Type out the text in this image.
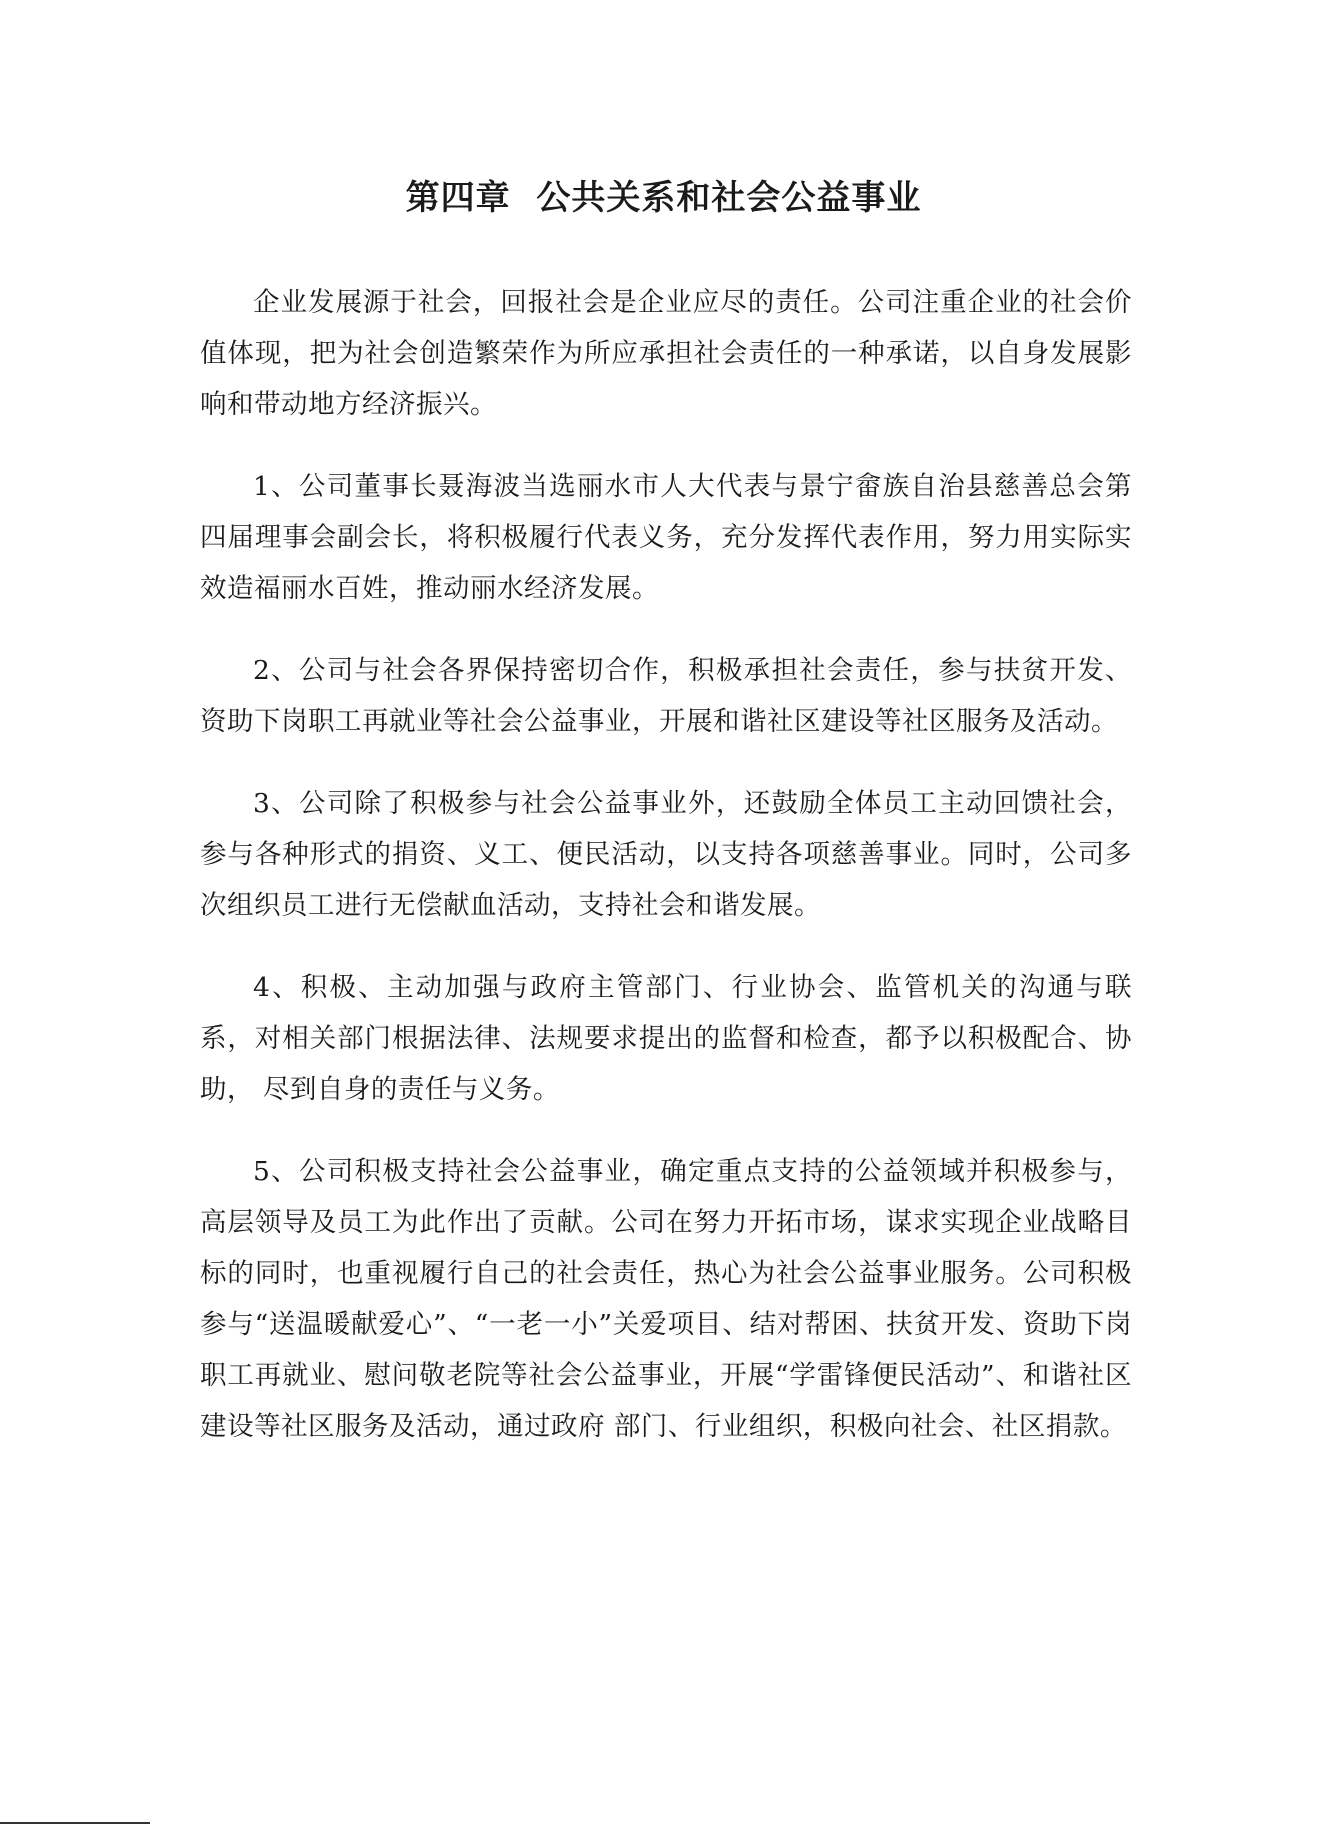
第四章  公共关系和社会公益事业

企业发展源于社会，回报社会是企业应尽的责任。公司注重企业的社会价值体现，把为社会创造繁荣作为所应承担社会责任的一种承诺，以自身发展影响和带动地方经济振兴。

1、公司董事长聂海波当选丽水市人大代表与景宁畲族自治县慈善总会第四届理事会副会长，将积极履行代表义务，充分发挥代表作用，努力用实际实效造福丽水百姓，推动丽水经济发展。

2、公司与社会各界保持密切合作，积极承担社会责任，参与扶贫开发、资助下岗职工再就业等社会公益事业，开展和谐社区建设等社区服务及活动。

3、公司除了积极参与社会公益事业外，还鼓励全体员工主动回馈社会，参与各种形式的捐资、义工、便民活动，以支持各项慈善事业。同时，公司多次组织员工进行无偿献血活动，支持社会和谐发展。

4、积极、主动加强与政府主管部门、行业协会、监管机关的沟通与联系，对相关部门根据法律、法规要求提出的监督和检查，都予以积极配合、协助， 尽到自身的责任与义务。

5、公司积极支持社会公益事业，确定重点支持的公益领域并积极参与，高层领导及员工为此作出了贡献。公司在努力开拓市场，谋求实现企业战略目标的同时，也重视履行自己的社会责任，热心为社会公益事业服务。公司积极参与“送温暖献爱心”、“一老一小”关爱项目、结对帮困、扶贫开发、资助下岗职工再就业、慰问敬老院等社会公益事业，开展“学雷锋便民活动”、和谐社区建设等社区服务及活动，通过政府 部门、行业组织，积极向社会、社区捐款。
